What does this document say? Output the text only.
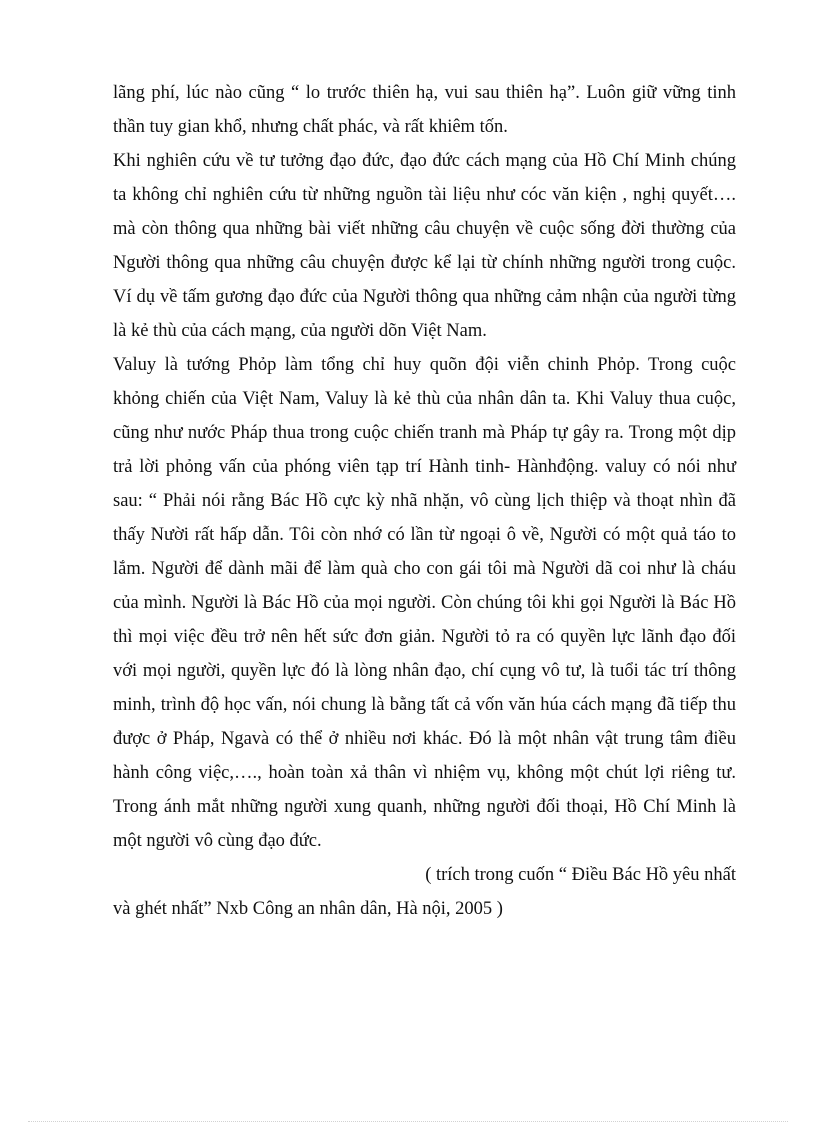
lãng phí, lúc nào cũng “ lo trước thiên hạ, vui sau thiên hạ”. Luôn giữ vững tinh
thần tuy gian khổ, nhưng chất phác, và rất khiêm tốn.
Khi nghiên cứu về tư tưởng đạo đức, đạo đức cách mạng của Hồ Chí Minh chúng
ta không chỉ nghiên cứu từ những nguồn tài liệu như cóc văn kiện , nghị quyết….
mà còn thông qua những bài viết những câu chuyện về cuộc sống đời thường của
Người thông qua những câu chuyện được kể lại từ chính những người trong cuộc.
Ví dụ về tấm gương đạo đức của Người thông qua những cảm nhận của người từng
là kẻ thù của cách mạng, của người dõn Việt Nam.
Valuy là tướng Phỏp làm tổng chỉ huy quõn đội viễn chinh Phỏp. Trong cuộc
khỏng chiến của Việt Nam, Valuy là kẻ thù của nhân dân ta. Khi Valuy thua cuộc,
cũng như nước Pháp thua trong cuộc chiến tranh mà Pháp tự gây ra. Trong một dịp
trả lời phỏng vấn của phóng viên tạp trí Hành tinh- Hànhđộng. valuy có nói như
sau: “ Phải nói rằng Bác Hồ cực kỳ nhã nhặn, vô cùng lịch thiệp và thoạt nhìn đã
thấy Nười rất hấp dẫn. Tôi còn nhớ có lần từ ngoại ô về, Người có một quả táo to
lắm. Người để dành mãi để làm quà cho con gái tôi mà Người dã coi như là cháu
của mình. Người là Bác Hồ của mọi người. Còn chúng tôi khi gọi Người là Bác Hồ
thì mọi việc đều trở nên hết sức đơn giản. Người tỏ ra có quyền lực lãnh đạo đối
với mọi người, quyền lực đó là lòng nhân đạo, chí cụng vô tư, là tuổi tác trí thông
minh, trình độ học vấn, nói chung là bằng tất cả vốn văn húa cách mạng đã tiếp thu
được ở Pháp, Ngavà có thể ở nhiều nơi khác. Đó là một nhân vật trung tâm điều
hành công việc,…., hoàn toàn xả thân vì nhiệm vụ, không một chút lợi riêng tư.
Trong ánh mắt những người xung quanh, những người đối thoại, Hồ Chí Minh là
một người vô cùng đạo đức.
( trích trong cuốn “ Điều Bác Hồ yêu nhất
và ghét nhất” Nxb Công an nhân dân, Hà nội, 2005 )
